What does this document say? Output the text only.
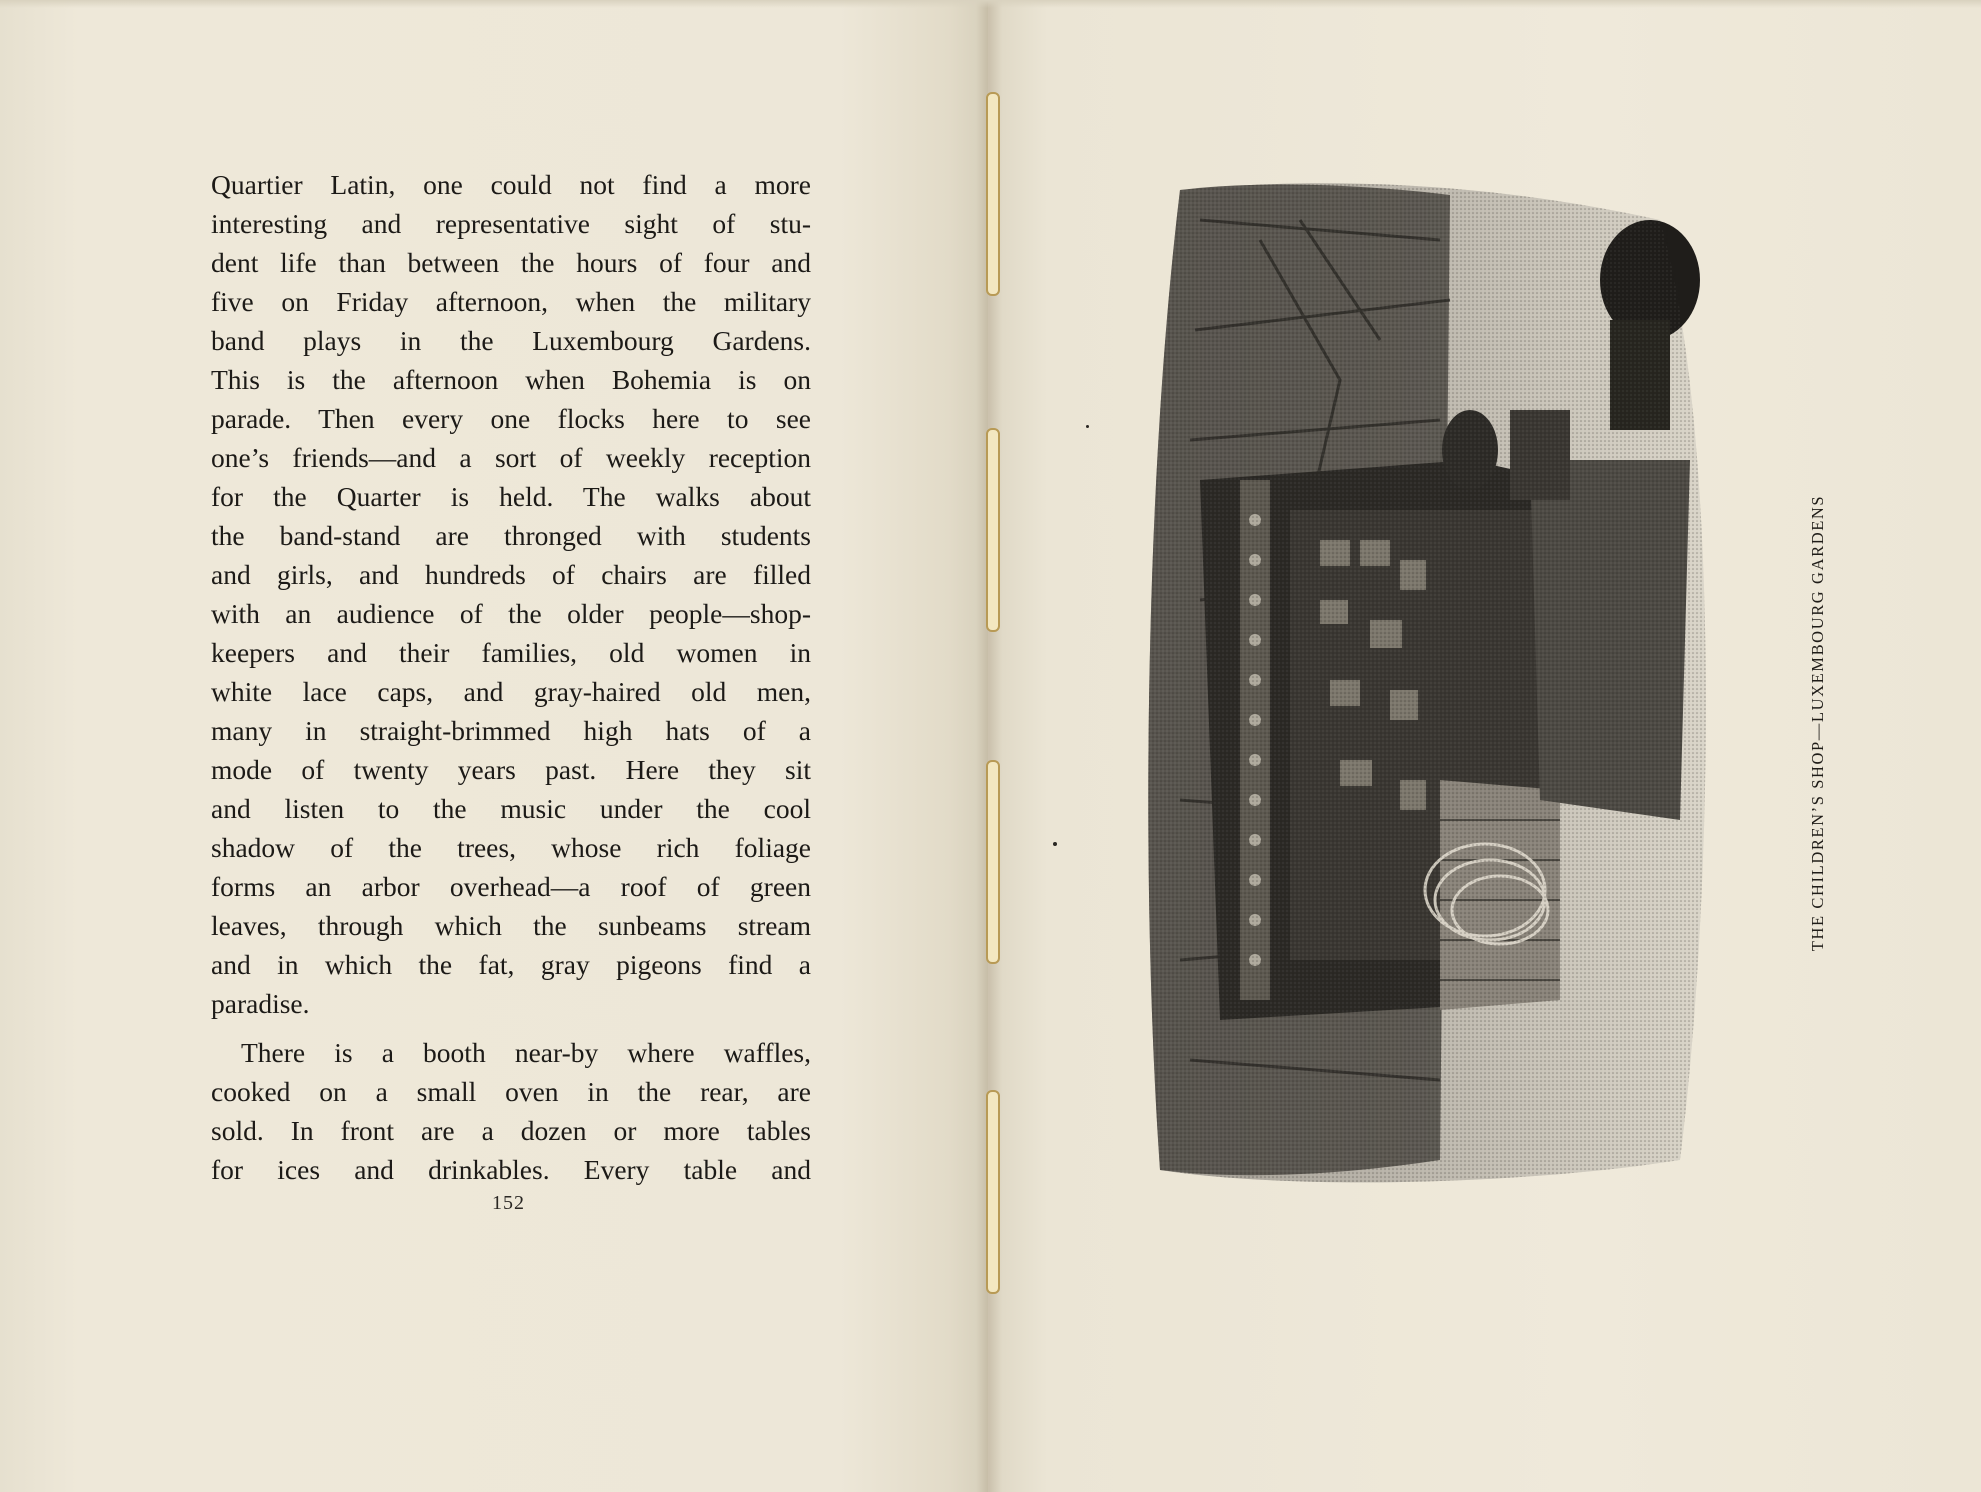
Quartier Latin, one could not find a more
interesting and representative sight of stu-
dent life than between the hours of four and
five on Friday afternoon, when the military
band plays in the Luxembourg Gardens.
This is the afternoon when Bohemia is on
parade. Then every one flocks here to see
one’s friends—and a sort of weekly reception
for the Quarter is held. The walks about
the band-stand are thronged with students
and girls, and hundreds of chairs are filled
with an audience of the older people—shop-
keepers and their families, old women in
white lace caps, and gray-haired old men,
many in straight-brimmed high hats of a
mode of twenty years past. Here they sit
and listen to the music under the cool
shadow of the trees, whose rich foliage
forms an arbor overhead—a roof of green
leaves, through which the sunbeams stream
and in which the fat, gray pigeons find a
paradise.
There is a booth near-by where waffles,
cooked on a small oven in the rear, are
sold. In front are a dozen or more tables
for ices and drinkables. Every table and
152
THE CHILDREN’S SHOP—LUXEMBOURG GARDENS
